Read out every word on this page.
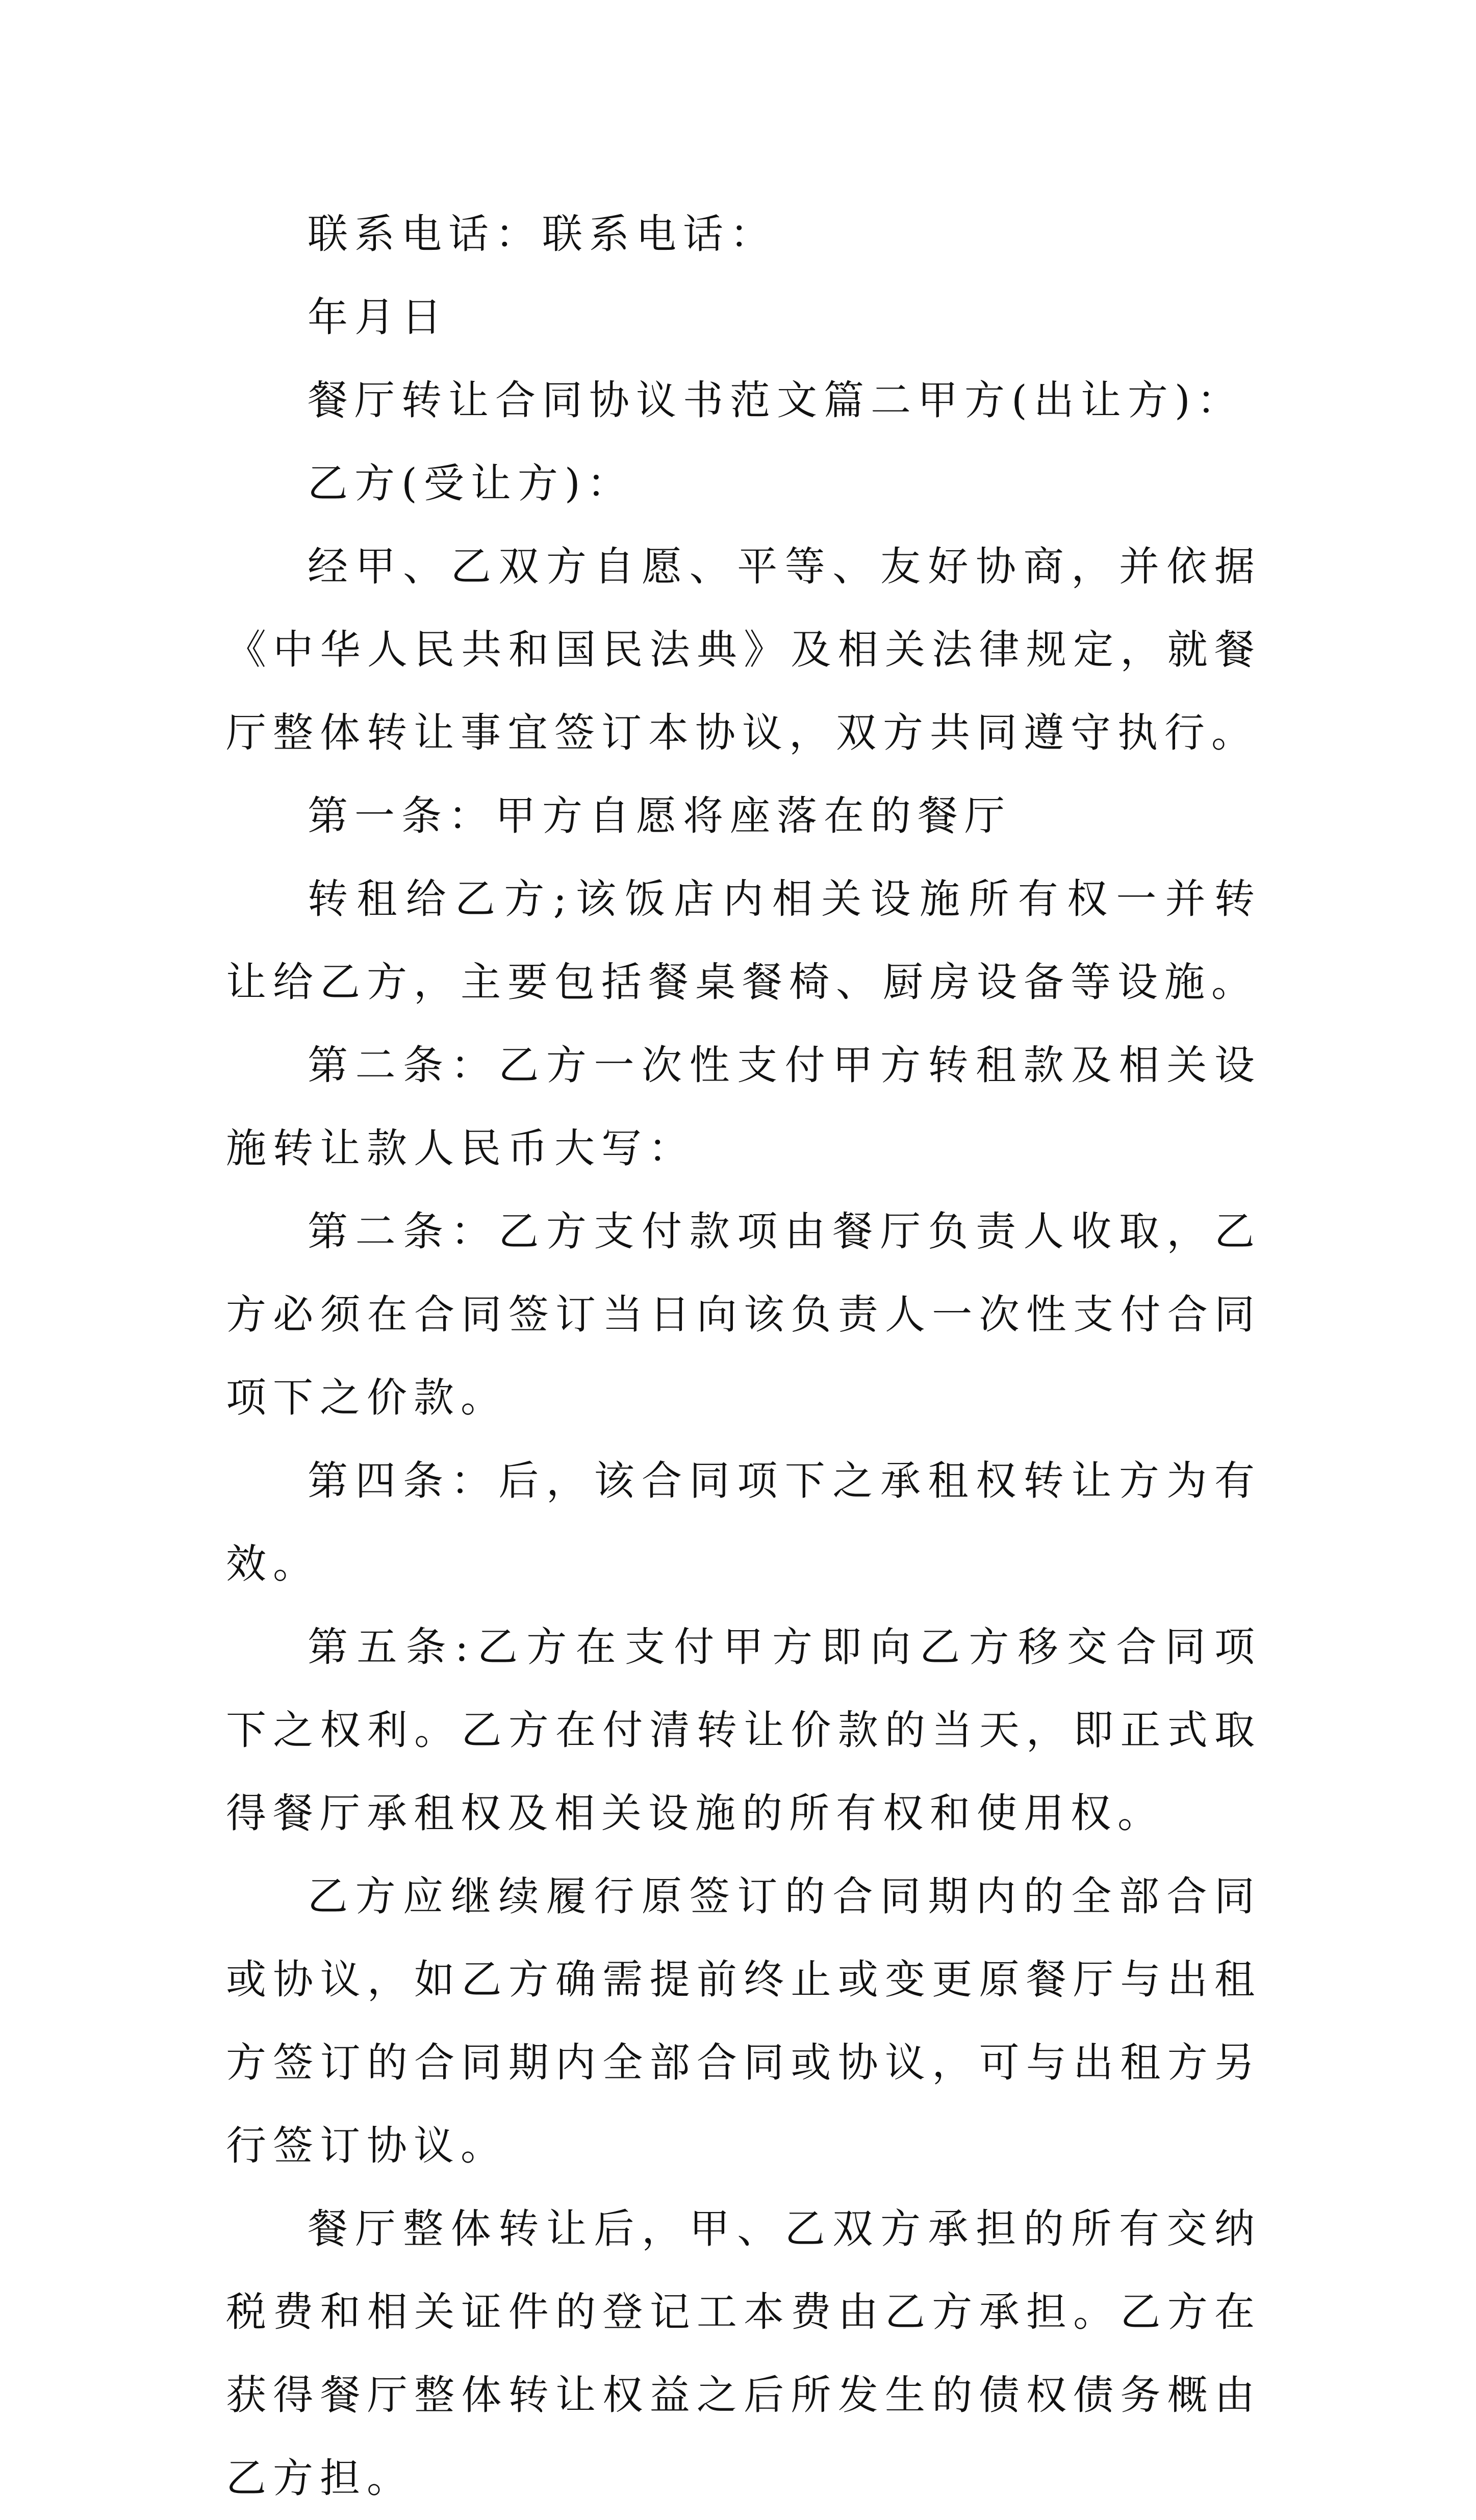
联系电话：联系电话：

年月日

餐厅转让合同协议书范文篇二甲方(出让方)：

乙方(受让方)：

经甲、乙双方自愿、平等、友好协商，并依据《中华人民共和国民法典》及相关法律规定，就餐厅整体转让事宜签订本协议，双方共同遵守执行。

第一条：甲方自愿将座落在的餐厅

转租给乙方;该饭店内相关设施所有权一并转让给乙方，主要包括餐桌餐椅、厨房设备等设施。

第二条：乙方一次性支付甲方转租款及相关设施转让款人民币大写：

第二条：乙方支付款项由餐厅负责人收取，乙方必须在合同签订当日向该负责人一次性支付合同项下之价款。

第四条：后，该合同项下之承租权转让方为有效。

第五条:乙方在支付甲方即向乙方移交合同项下之权利。乙方在付清转让价款的当天，即正式取得餐厅承租权及相关设施的所有权和使用权。

乙方应继续履行原签订的合同期内的全部合同或协议，如乙方确需提前终止或变更原餐厅与出租方签订的合同期内全部合同或协议，可与出租方另行签订协议。

餐厅整体转让后，甲、乙双方承担的所有交纳税费和相关证件的登记工本费由乙方承担。乙方在获得餐厅整体转让权益之后所发生的债权债务概由乙方担。
